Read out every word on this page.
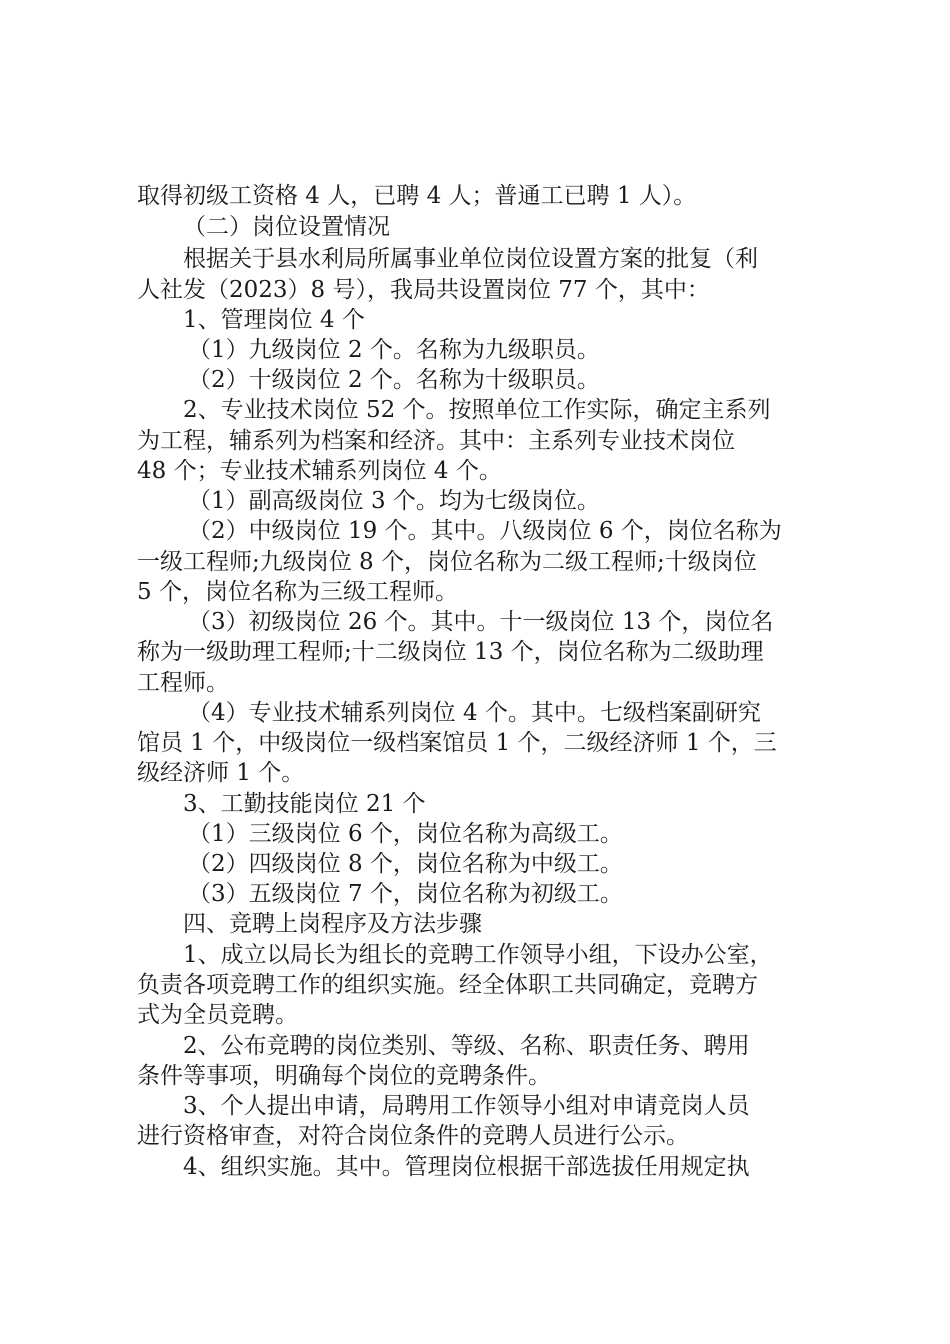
取得初级工资格 4 人，已聘 4 人；普通工已聘 1 人）。
（二）岗位设置情况
根据关于县水利局所属事业单位岗位设置方案的批复（利
人社发（2023）8 号），我局共设置岗位 77 个，其中：
1、管理岗位 4 个
（1）九级岗位 2 个。名称为九级职员。
（2）十级岗位 2 个。名称为十级职员。
2、专业技术岗位 52 个。按照单位工作实际，确定主系列
为工程，辅系列为档案和经济。其中：主系列专业技术岗位
48 个；专业技术辅系列岗位 4 个。
（1）副高级岗位 3 个。均为七级岗位。
（2）中级岗位 19 个。其中。八级岗位 6 个，岗位名称为
一级工程师;九级岗位 8 个，岗位名称为二级工程师;十级岗位
5 个，岗位名称为三级工程师。
（3）初级岗位 26 个。其中。十一级岗位 13 个，岗位名
称为一级助理工程师;十二级岗位 13 个，岗位名称为二级助理
工程师。
（4）专业技术辅系列岗位 4 个。其中。七级档案副研究
馆员 1 个，中级岗位一级档案馆员 1 个，二级经济师 1 个，三
级经济师 1 个。
3、工勤技能岗位 21 个
（1）三级岗位 6 个，岗位名称为高级工。
（2）四级岗位 8 个，岗位名称为中级工。
（3）五级岗位 7 个，岗位名称为初级工。
四、竞聘上岗程序及方法步骤
1、成立以局长为组长的竞聘工作领导小组，下设办公室，
负责各项竞聘工作的组织实施。经全体职工共同确定，竞聘方
式为全员竞聘。
2、公布竞聘的岗位类别、等级、名称、职责任务、聘用
条件等事项，明确每个岗位的竞聘条件。
3、个人提出申请，局聘用工作领导小组对申请竞岗人员
进行资格审查，对符合岗位条件的竞聘人员进行公示。
4、组织实施。其中。管理岗位根据干部选拔任用规定执
